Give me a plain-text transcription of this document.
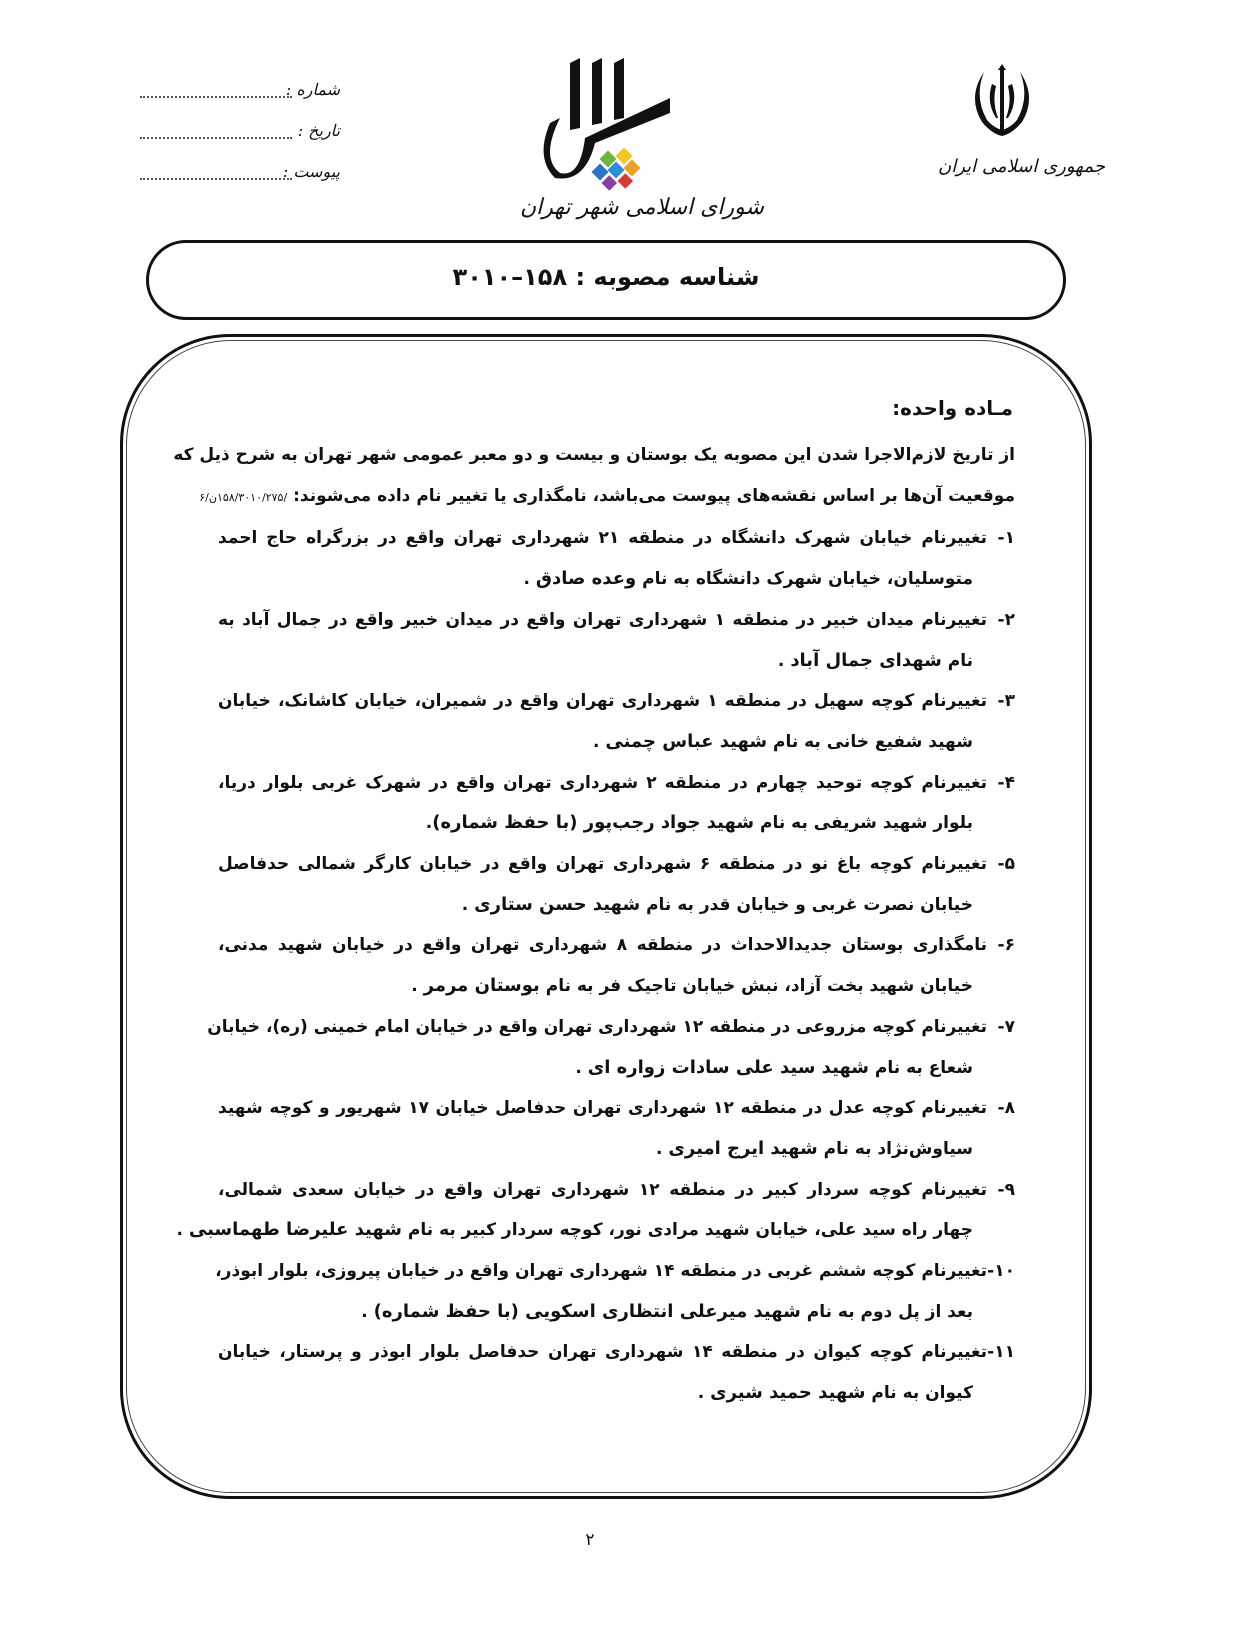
شماره :
تاریخ :
پیوست :
شورای اسلامی شهر تهران
جمهوری اسلامی ایران
شناسه مصوبه : ۱۵۸–۳۰۱۰
مـاده واحده:
از تاریخ لازم‌الاجرا شدن این مصوبه یک بوستان و بیست و دو معبر عمومی شهر تهران به شرح ذیل که
موقعیت آن‌ها بر اساس نقشه‌های پیوست می‌باشد، نامگذاری یا تغییر نام داده می‌شوند: /۱۵۸/۳۰۱۰/۲۷۵ن/۶
۱-
تغییرنام خیابان شهرک دانشگاه در منطقه ۲۱ شهرداری تهران واقع در بزرگراه حاج احمد
متوسلیان، خیابان شهرک دانشگاه به نام وعده صادق .
۲-
تغییرنام میدان خبیر در منطقه ۱ شهرداری تهران واقع در میدان خبیر واقع در جمال آباد به
نام شهدای جمال آباد .
۳-
تغییرنام کوچه سهیل در منطقه ۱ شهرداری تهران واقع در شمیران، خیابان کاشانک، خیابان
شهید شفیع خانی به نام شهید عباس چمنی .
۴-
تغییرنام کوچه توحید چهارم در منطقه ۲ شهرداری تهران واقع در شهرک غربی بلوار دریا،
بلوار شهید شریفی به نام شهید جواد رجب‌پور (با حفظ شماره).
۵-
تغییرنام کوچه باغ نو در منطقه ۶ شهرداری تهران واقع در خیابان کارگر شمالی حدفاصل
خیابان نصرت غربی و خیابان قدر به نام شهید حسن ستاری .
۶-
نامگذاری بوستان جدیدالاحداث در منطقه ۸ شهرداری تهران واقع در خیابان شهید مدنی،
خیابان شهید بخت آزاد، نبش خیابان تاجیک فر به نام بوستان مرمر .
۷-
تغییرنام کوچه مزروعی در منطقه ۱۲ شهرداری تهران واقع در خیابان امام خمینی (ره)، خیابان
شعاع به نام شهید سید علی سادات زواره ای .
۸-
تغییرنام کوچه عدل در منطقه ۱۲ شهرداری تهران حدفاصل خیابان ۱۷ شهریور و کوچه شهید
سیاوش‌نژاد به نام شهید ایرج امیری .
۹-
تغییرنام کوچه سردار کبیر در منطقه ۱۲ شهرداری تهران واقع در خیابان سعدی شمالی،
چهار راه سید علی، خیابان شهید مرادی نور، کوچه سردار کبیر به نام شهید علیرضا طهماسبی .
۱۰-
تغییرنام کوچه ششم غربی در منطقه ۱۴ شهرداری تهران واقع در خیابان پیروزی، بلوار ابوذر،
بعد از پل دوم به نام شهید میرعلی انتظاری اسکویی (با حفظ شماره) .
۱۱-
تغییرنام کوچه کیوان در منطقه ۱۴ شهرداری تهران حدفاصل بلوار ابوذر و پرستار، خیابان
کیوان به نام شهید حمید شیری .
۲
